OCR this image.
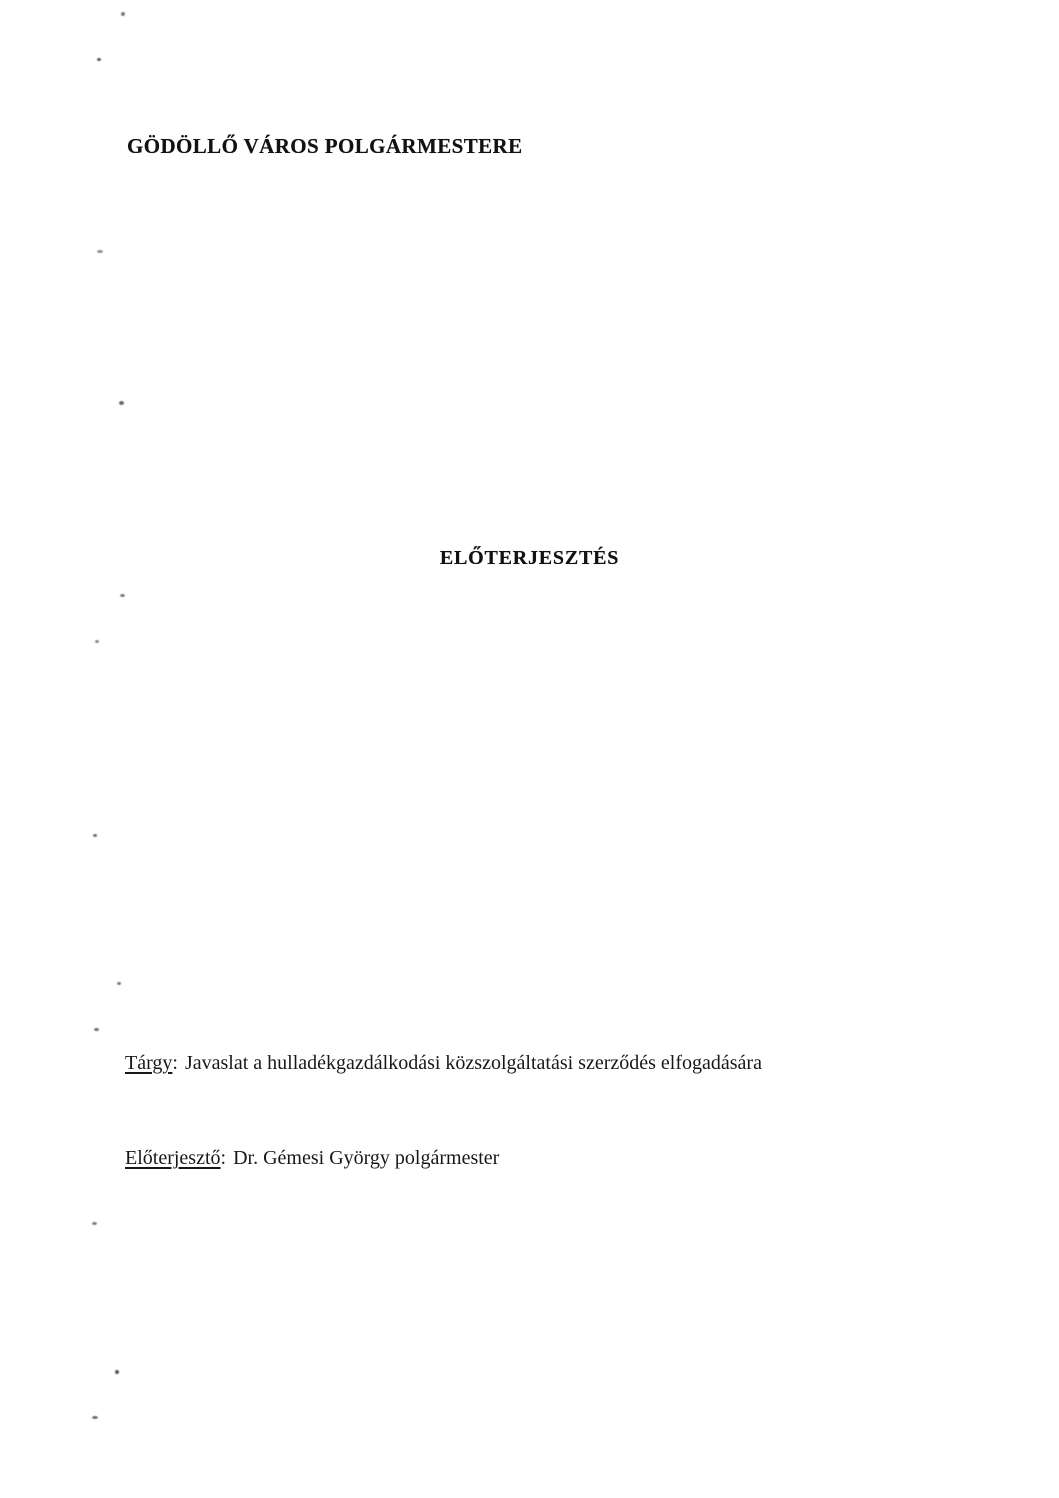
GÖDÖLLŐ VÁROS POLGÁRMESTERE
ELŐTERJESZTÉS
Tárgy: Javaslat a hulladékgazdálkodási közszolgáltatási szerződés elfogadására
Előterjesztő: Dr. Gémesi György polgármester
